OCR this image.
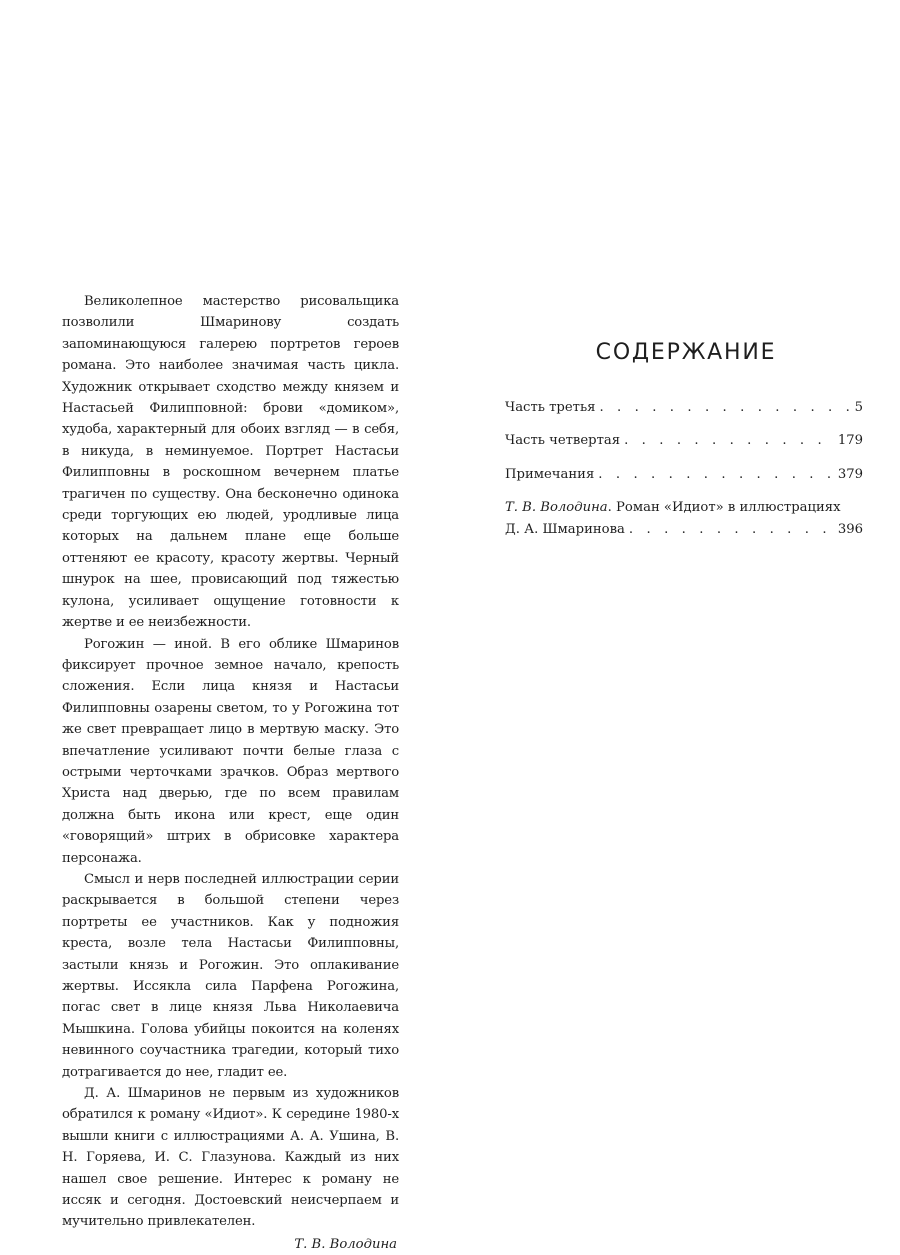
Великолепное мастерство рисовальщика позволили Шмаринову создать запоминающуюся галерею портретов героев романа. Это наиболее значимая часть цикла. Художник открывает сходство между князем и Настасьей Филипповной: брови «домиком», худоба, характерный для обоих взгляд — в себя, в никуда, в неминуемое. Портрет Настасьи Филипповны в роскошном вечернем платье трагичен по существу. Она бесконечно одинока среди торгующих ею людей, уродливые лица которых на дальнем плане еще больше оттеняют ее красоту, красоту жертвы. Черный шнурок на шее, провисающий под тяжестью кулона, усиливает ощущение готовности к жертве и ее неизбежности.

Рогожин — иной. В его облике Шмаринов фиксирует прочное земное начало, крепость сложения. Если лица князя и Настасьи Филипповны озарены светом, то у Рогожина тот же свет превращает лицо в мертвую маску. Это впечатление усиливают почти белые глаза с острыми черточками зрачков. Образ мертвого Христа над дверью, где по всем правилам должна быть икона или крест, еще один «говорящий» штрих в обрисовке характера персонажа.

Смысл и нерв последней иллюстрации серии раскрывается в большой степени через портреты ее участников. Как у подножия креста, возле тела Настасьи Филипповны, застыли князь и Рогожин. Это оплакивание жертвы. Иссякла сила Парфена Рогожина, погас свет в лице князя Льва Николаевича Мышкина. Голова убийцы покоится на коленях невинного соучастника трагедии, который тихо дотрагивается до нее, гладит ее.

Д. А. Шмаринов не первым из художников обратился к роману «Идиот». К середине 1980-х вышли книги с иллюстрациями А. А. Ушина, В. Н. Горяева, И. С. Глазунова. Каждый из них нашел свое решение. Интерес к роману не иссяк и сегодня. Достоевский неисчерпаем и мучительно привлекателен.

Т. В. Володина
СОДЕРЖАНИЕ
Часть третья . . .	5
Часть четвертая . . .	179
Примечания . . .	379
Т. В. Володина. Роман «Идиот» в иллюстрациях
Д. А. Шмаринова . . .	396
